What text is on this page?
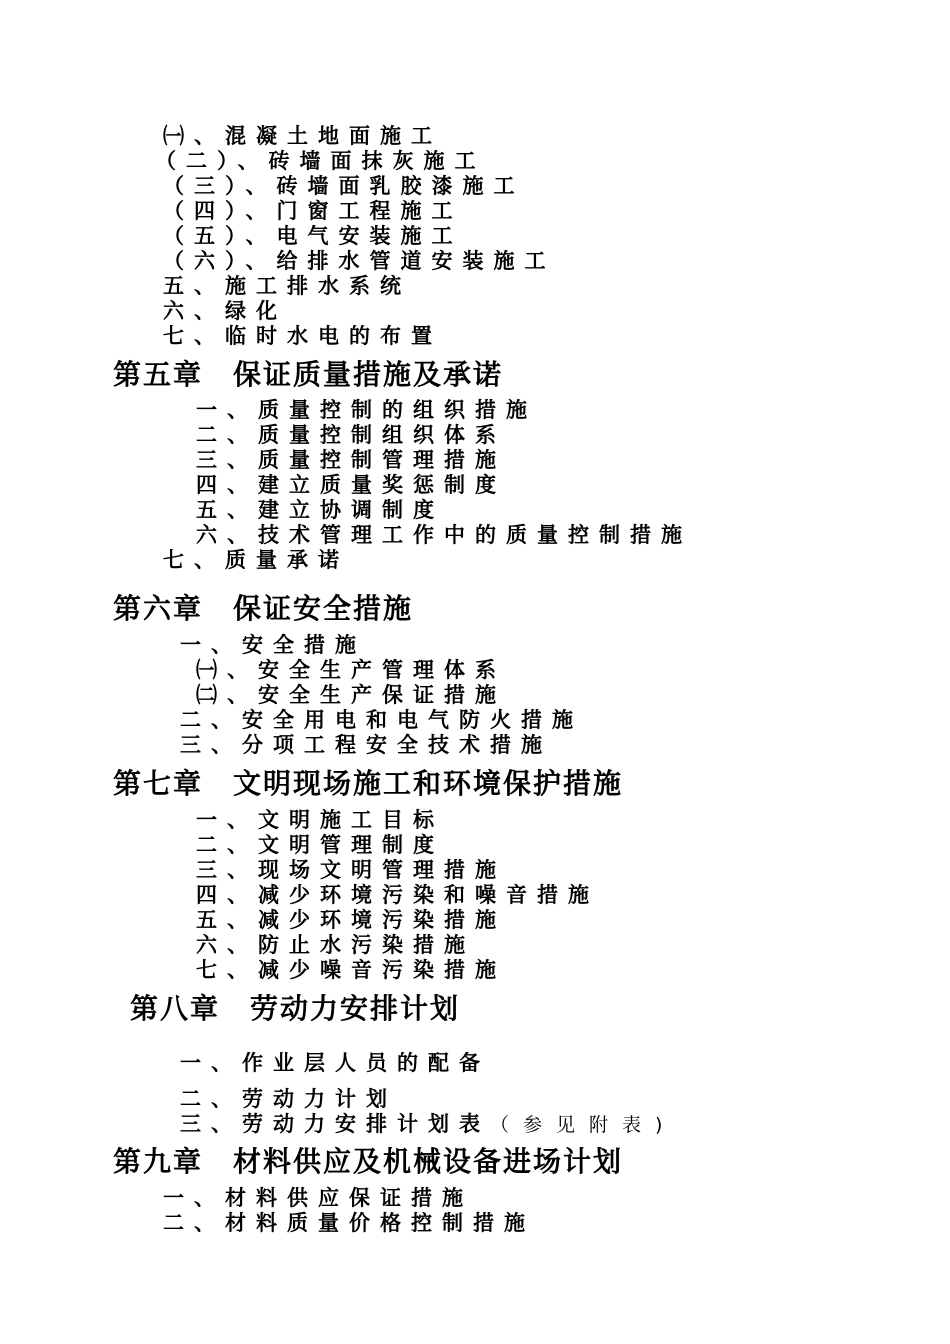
㈠、混凝土地面施工
（二）、砖墙面抹灰施工
（三）、砖墙面乳胶漆施工
（四）、门窗工程施工
（五）、电气安装施工
（六）、给排水管道安装施工
五、施工排水系统
六、绿化
七、临时水电的布置
第五章 保证质量措施及承诺
一、质量控制的组织措施
二、质量控制组织体系
三、质量控制管理措施
四、建立质量奖惩制度
五、建立协调制度
六、技术管理工作中的质量控制措施
七、质量承诺
第六章 保证安全措施
一、安全措施
㈠、安全生产管理体系
㈡、安全生产保证措施
二、安全用电和电气防火措施
三、分项工程安全技术措施
第七章 文明现场施工和环境保护措施
一、文明施工目标
二、文明管理制度
三、现场文明管理措施
四、减少环境污染和噪音措施
五、减少环境污染措施
六、防止水污染措施
七、减少噪音污染措施
第八章 劳动力安排计划
一、作业层人员的配备
二、劳动力计划
三、劳动力安排计划表（参见附表)
第九章 材料供应及机械设备进场计划
一、材料供应保证措施
二、材料质量价格控制措施
